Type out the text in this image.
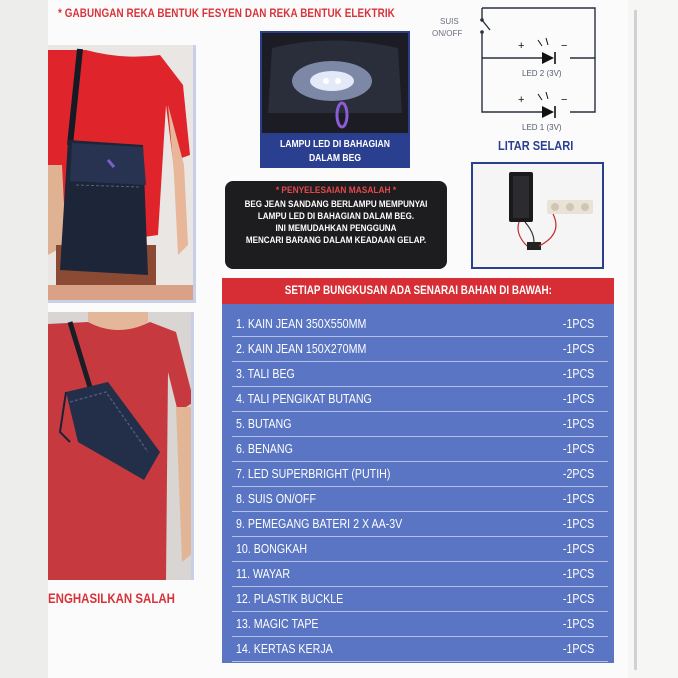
* GABUNGAN REKA BENTUK FESYEN DAN REKA BENTUK ELEKTRIK
ENGHASILKAN SALAH
LAMPU LED DI BAHAGIAN
DALAM BEG
SUIS
ON/OFF
+	−
LED 2 (3V)
+	−
LED 1 (3V)
LITAR SELARI
* PENYELESAIAN MASALAH *
BEG JEAN SANDANG BERLAMPU MEMPUNYAI
LAMPU LED DI BAHAGIAN DALAM BEG.
INI MEMUDAHKAN PENGGUNA
MENCARI BARANG DALAM KEADAAN GELAP.
SETIAP BUNGKUSAN ADA SENARAI BAHAN DI BAWAH:
1. KAIN JEAN 350X550MM	-1PCS
2. KAIN JEAN 150X270MM	-1PCS
3. TALI BEG	-1PCS
4. TALI PENGIKAT BUTANG	-1PCS
5. BUTANG	-1PCS
6. BENANG	-1PCS
7. LED SUPERBRIGHT (PUTIH)	-2PCS
8. SUIS ON/OFF	-1PCS
9. PEMEGANG BATERI 2 X AA-3V	-1PCS
10. BONGKAH	-1PCS
11. WAYAR	-1PCS
12. PLASTIK BUCKLE	-1PCS
13. MAGIC TAPE	-1PCS
14. KERTAS KERJA	-1PCS
